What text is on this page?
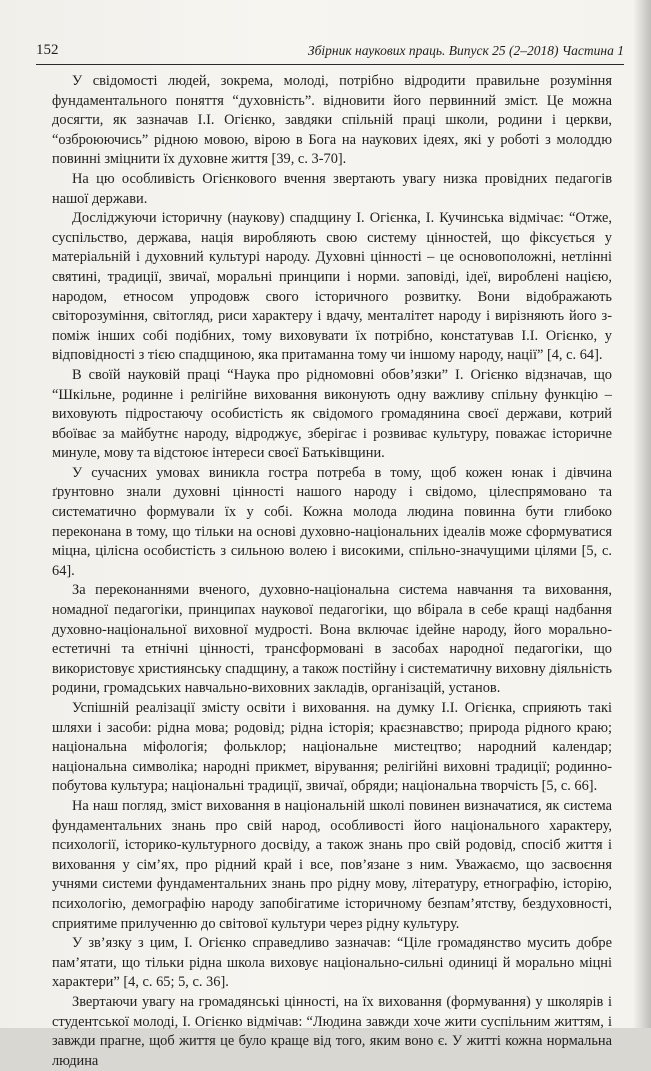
152	Збірник наукових праць. Випуск 25 (2–2018) Частина 1

У свідомості людей, зокрема, молоді, потрібно відродити правильне розуміння фундаментального поняття “духовність”. відновити його первинний зміст. Це можна досягти, як зазначав І.І. Огієнко, завдяки спільній праці школи, родини і церкви, “озброюючись” рідною мовою, вірою в Бога на наукових ідеях, які у роботі з молоддю повинні зміцнити їх духовне життя [39, с. 3-70].

На цю особливість Огієнкового вчення звертають увагу низка провідних педагогів нашої держави.

Досліджуючи історичну (наукову) спадщину І. Огієнка, І. Кучинська відмічає: “Отже, суспільство, держава, нація виробляють свою систему цінностей, що фіксується у матеріальній і духовний культурі народу. Духовні цінності – це основоположні, нетлінні святині, традиції, звичаї, моральні принципи і норми. заповіді, ідеї, вироблені нацією, народом, етносом упродовж свого історичного розвитку. Вони відображають світорозуміння, світогляд, риси характеру і вдачу, менталітет народу і вирізняють його з-поміж інших собі подібних, тому виховувати їх потрібно, констатував І.І. Огієнко, у відповідності з тією спадщиною, яка притаманна тому чи іншому народу, нації” [4, с. 64].

В своїй науковій праці “Наука про рідномовні обов’язки” І. Огієнко відзначав, що “Шкільне, родинне і релігійне виховання виконують одну важливу спільну функцію – виховують підростаючу особистість як свідомого громадянина своєї держави, котрий вбоїває за майбутнє народу, відроджує, зберігає і розвиває культуру, поважає історичне минуле, мову та відстоює інтереси своєї Батьківщини.

У сучасних умовах виникла гостра потреба в тому, щоб кожен юнак і дівчина ґрунтовно знали духовні цінності нашого народу і свідомо, цілеспрямовано та систематично формували їх у собі. Кожна молода людина повинна бути глибоко переконана в тому, що тільки на основі духовно-національних ідеалів може сформуватися міцна, цілісна особистість з сильною волею і високими, спільно-значущими цілями [5, с. 64].

За переконаннями вченого, духовно-національна система навчання та виховання, номадної педагогіки, принципах наукової педагогіки, що вбірала в себе кращі надбання духовно-національної виховної мудрості. Вона включає ідейне народу, його морально-естетичні та етнічні цінності, трансформовані в засобах народної педагогіки, що використовує християнську спадщину, а також постійну і систематичну виховну діяльність родини, громадських навчально-виховних закладів, організацій, установ.

Успішній реалізації змісту освіти і виховання. на думку І.І. Огієнка, сприяють такі шляхи і засоби: рідна мова; родовід; рідна історія; краєзнавство; природа рідного краю; національна міфологія; фольклор; національне мистецтво; народний календар; національна символіка; народні прикмет, вірування; релігійні виховні традиції; родинно-побутова культура; національні традиції, звичаї, обряди; національна творчість [5, с. 66].

На наш погляд, зміст виховання в національній школі повинен визначатися, як система фундаментальних знань про свій народ, особливості його національного характеру, психології, історико-культурного досвіду, а також знань про свій родовід, спосіб життя і виховання у сім’ях, про рідний край і все, пов’язане з ним. Уважаємо, що засвоєння учнями системи фундаментальних знань про рідну мову, літературу, етнографію, історію, психологію, демографію народу запобігатиме історичному безпам’ятству, бездуховності, сприятиме прилученню до світової культури через рідну культуру.

У зв’язку з цим, І. Огієнко справедливо зазначав: “Ціле громадянство мусить добре пам’ятати, що тільки рідна школа виховує національно-сильні одиниці й морально міцні характери” [4, с. 65; 5, с. 36].

Звертаючи увагу на громадянські цінності, на їх виховання (формування) у школярів і студентської молоді, І. Огієнко відмічав: “Людина завжди хоче жити суспільним життям, і завжди прагне, щоб життя це було краще від того, яким воно є. У житті кожна нормальна людина
